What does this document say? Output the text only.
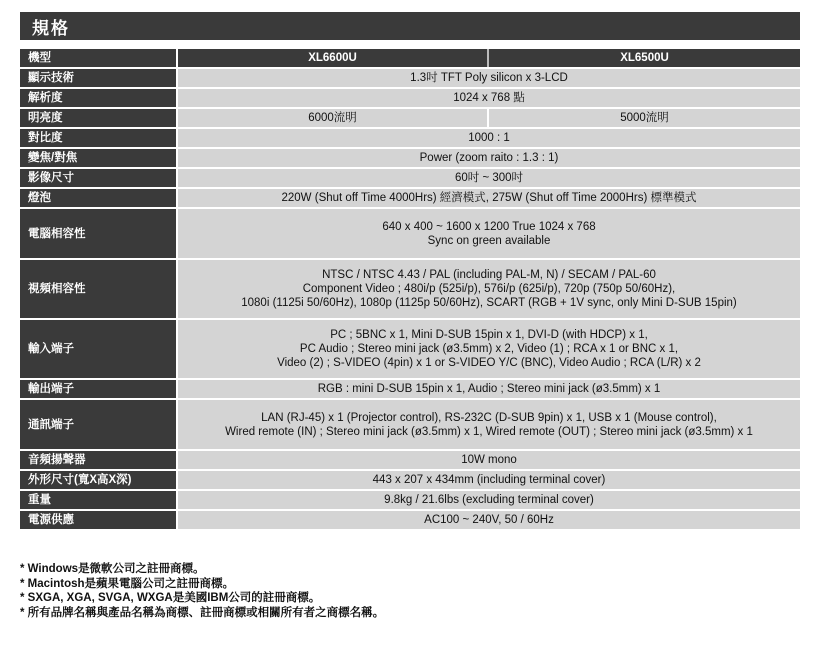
規格
機型	XL6600U	XL6500U
顯示技術	1.3吋 TFT Poly silicon x 3-LCD	
解析度	1024 x 768 點	
明亮度	6000流明	5000流明
對比度	1000 : 1	
變焦/對焦	Power (zoom raito : 1.3 : 1)	
影像尺寸	60吋 ~ 300吋	
燈泡	220W (Shut off Time 4000Hrs) 經濟模式, 275W (Shut off Time 2000Hrs) 標準模式	
電腦相容性	640 x 400 ~ 1600 x 1200 True 1024 x 768
Sync on green available	

視頻相容性	NTSC / NTSC 4.43 / PAL (including PAL-M, N) / SECAM / PAL-60
Component Video ; 480i/p (525i/p), 576i/p (625i/p), 720p (750p 50/60Hz),
1080i (1125i 50/60Hz), 1080p (1125p 50/60Hz), SCART (RGB + 1V sync, only Mini D-SUB 15pin)	

輸入端子	PC ; 5BNC x 1, Mini D-SUB 15pin x 1, DVI-D (with HDCP) x 1,
PC Audio ; Stereo mini jack (ø3.5mm) x 2, Video (1) ; RCA x 1 or BNC x 1,
Video (2) ; S-VIDEO (4pin) x 1 or S-VIDEO Y/C (BNC), Video Audio ; RCA (L/R) x 2	

輸出端子	RGB : mini D-SUB 15pin x 1, Audio ; Stereo mini jack (ø3.5mm) x 1	
通訊端子	LAN (RJ-45) x 1 (Projector control), RS-232C (D-SUB 9pin) x 1, USB x 1 (Mouse control),
Wired remote (IN) ; Stereo mini jack (ø3.5mm) x 1, Wired remote (OUT) ; Stereo mini jack (ø3.5mm) x 1	

音頻揚聲器	10W mono	
外形尺寸(寬X高X深)	443 x 207 x 434mm (including terminal cover)	
重量	9.8kg / 21.6lbs (excluding terminal cover)	
電源供應	AC100 ~ 240V, 50 / 60Hz	
* Windows是微軟公司之註冊商標。
* Macintosh是蘋果電腦公司之註冊商標。
* SXGA, XGA, SVGA, WXGA是美國IBM公司的註冊商標。
* 所有品牌名稱與產品名稱為商標、註冊商標或相關所有者之商標名稱。
